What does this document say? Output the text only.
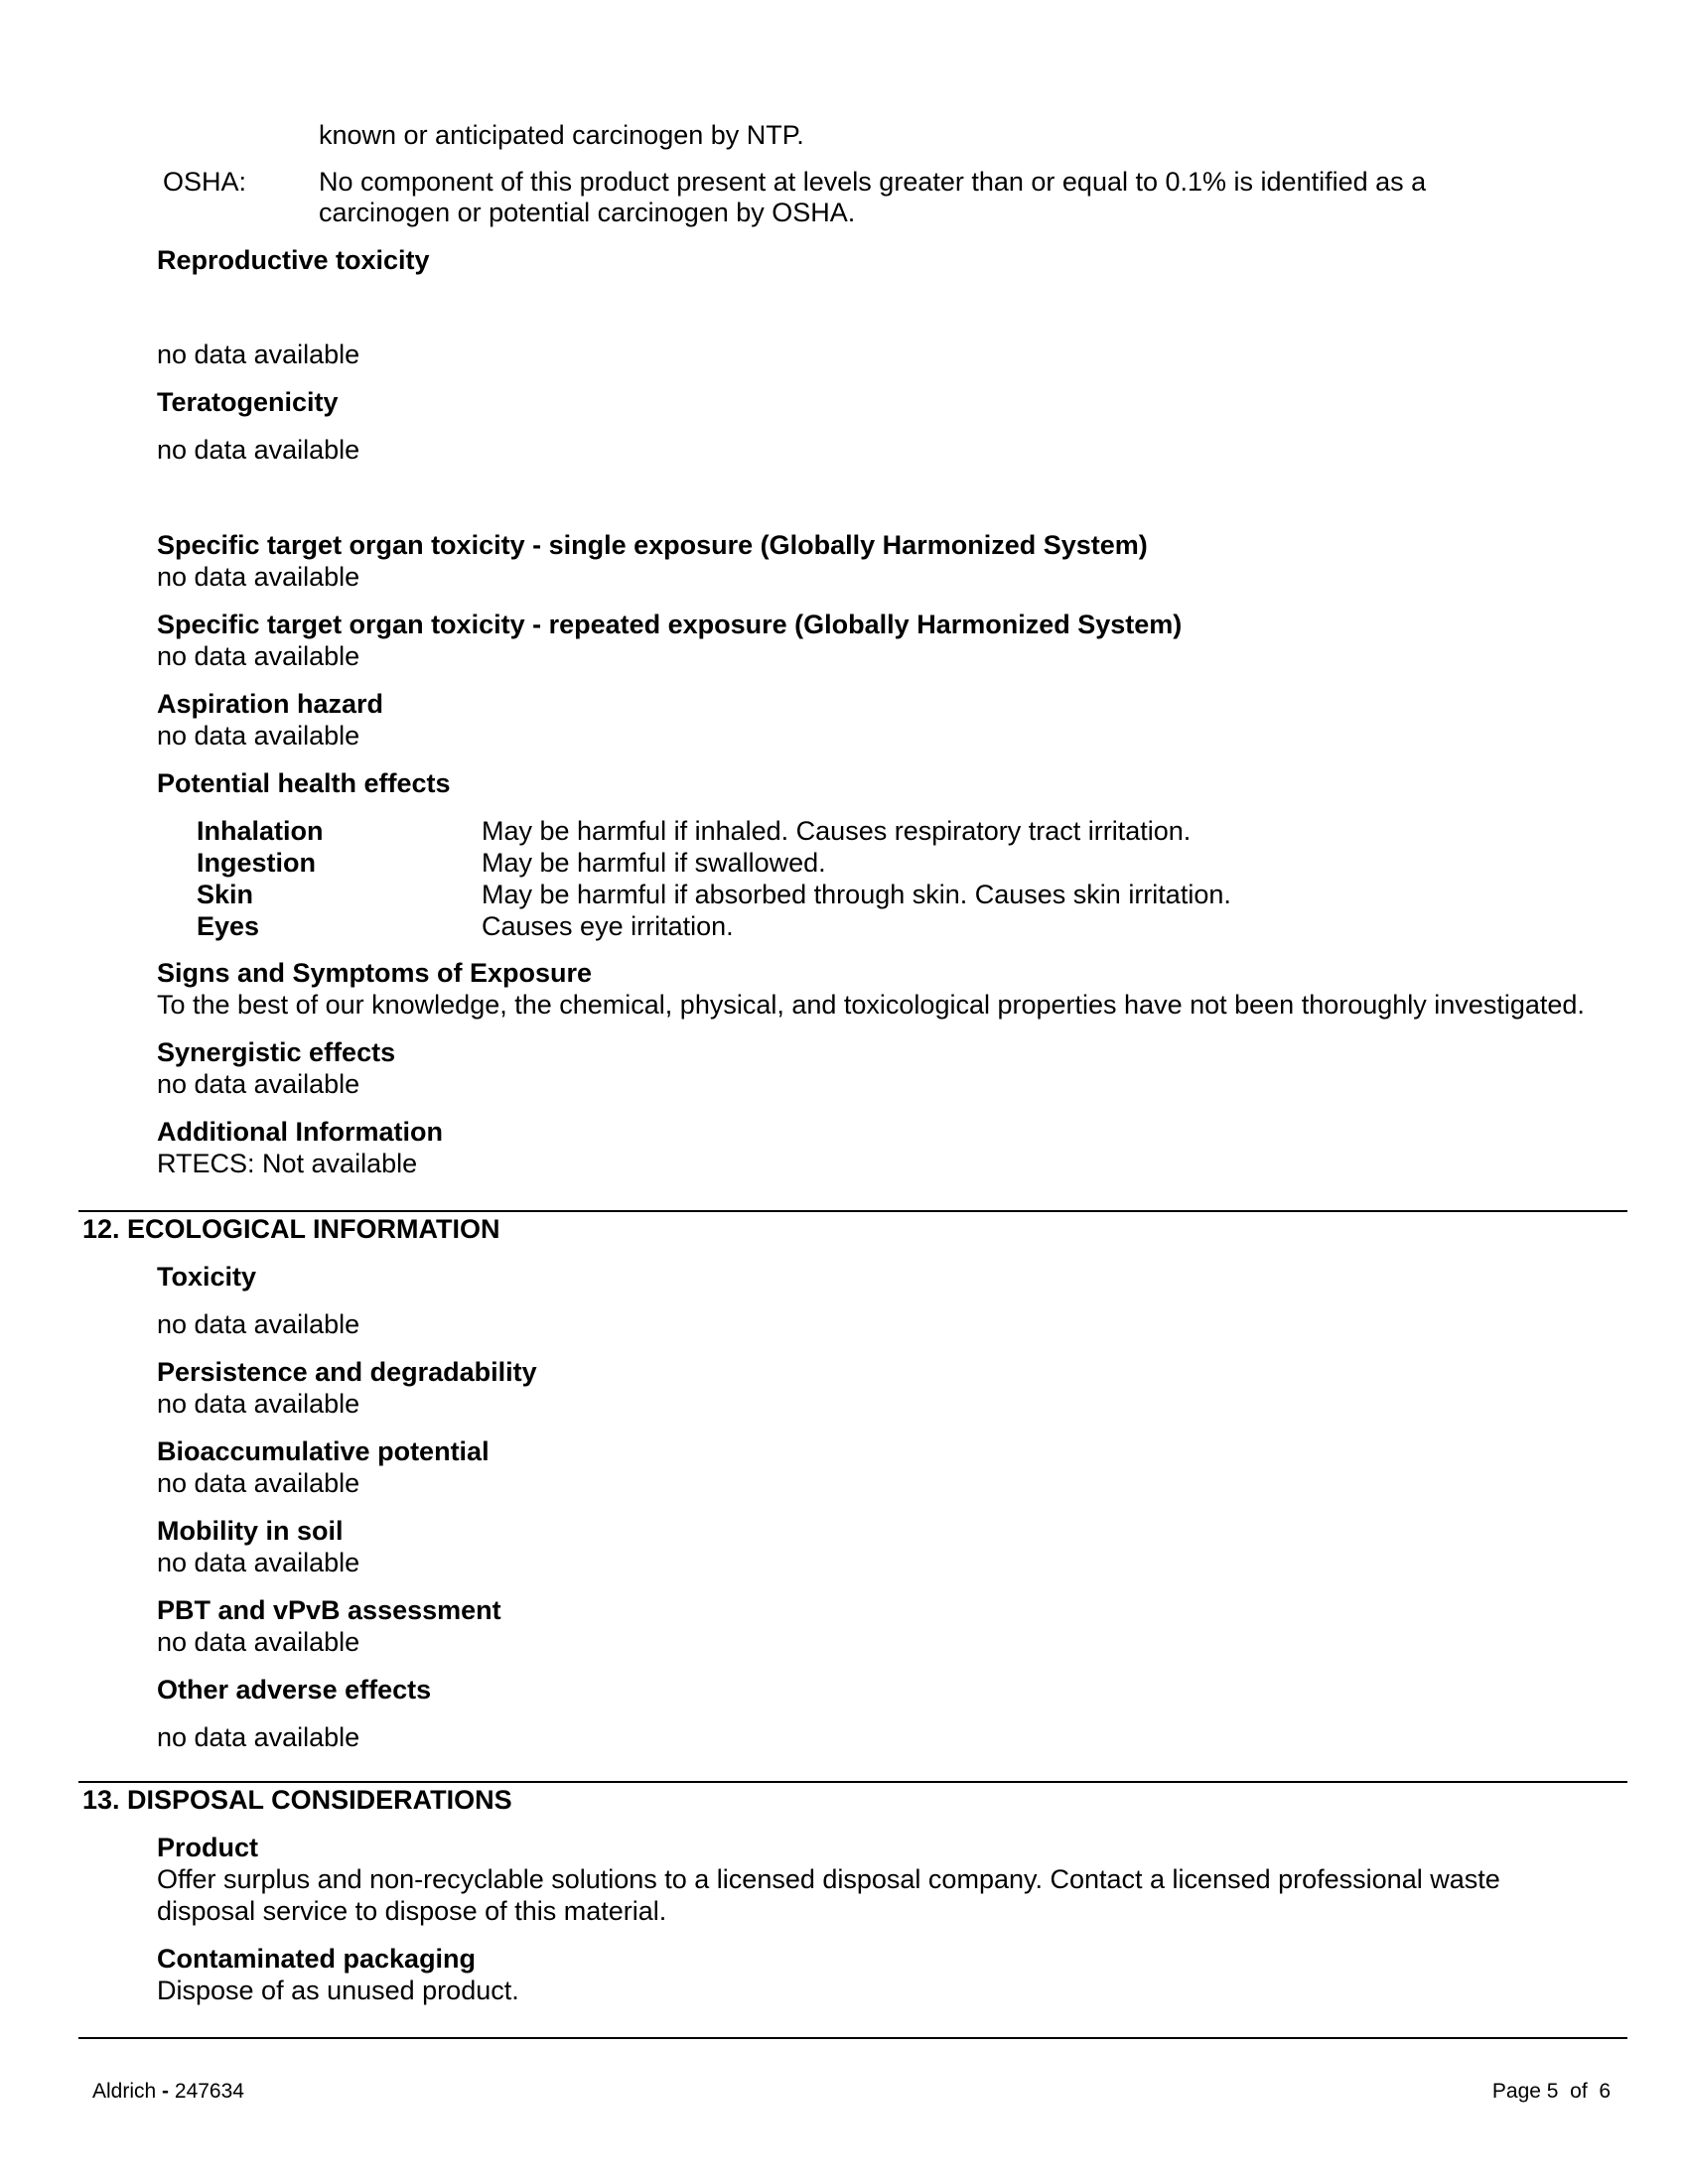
known or anticipated carcinogen by NTP.
OSHA:	No component of this product present at levels greater than or equal to 0.1% is identified as a
carcinogen or potential carcinogen by OSHA.
Reproductive toxicity
no data available
Teratogenicity
no data available
Specific target organ toxicity - single exposure (Globally Harmonized System)
no data available
Specific target organ toxicity - repeated exposure (Globally Harmonized System)
no data available
Aspiration hazard
no data available
Potential health effects
Inhalation	May be harmful if inhaled. Causes respiratory tract irritation.
Ingestion	May be harmful if swallowed.
Skin	May be harmful if absorbed through skin. Causes skin irritation.
Eyes	Causes eye irritation.
Signs and Symptoms of Exposure
To the best of our knowledge, the chemical, physical, and toxicological properties have not been thoroughly investigated.
Synergistic effects
no data available
Additional Information
RTECS: Not available
12. ECOLOGICAL INFORMATION
Toxicity
no data available
Persistence and degradability
no data available
Bioaccumulative potential
no data available
Mobility in soil
no data available
PBT and vPvB assessment
no data available
Other adverse effects
no data available
13. DISPOSAL CONSIDERATIONS
Product
Offer surplus and non-recyclable solutions to a licensed disposal company. Contact a licensed professional waste
disposal service to dispose of this material.
Contaminated packaging
Dispose of as unused product.
Aldrich - 247634	Page 5  of  6
